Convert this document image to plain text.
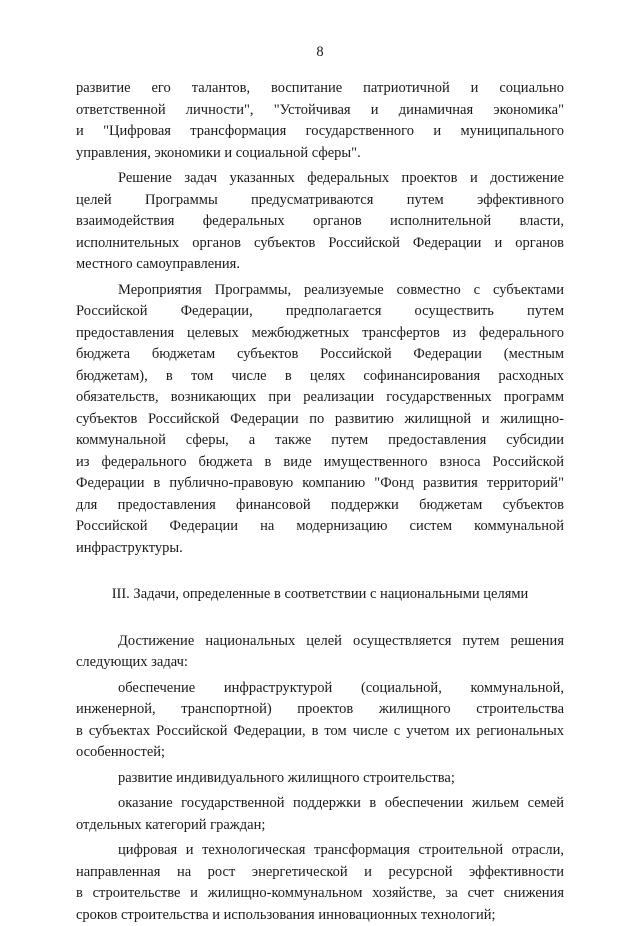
8
развитие его талантов, воспитание патриотичной и социально
ответственной личности", "Устойчивая и динамичная экономика"
и "Цифровая трансформация государственного и муниципального
управления, экономики и социальной сферы".
Решение задач указанных федеральных проектов и достижение
целей Программы предусматриваются путем эффективного
взаимодействия федеральных органов исполнительной власти,
исполнительных органов субъектов Российской Федерации и органов
местного самоуправления.
Мероприятия Программы, реализуемые совместно с субъектами
Российской Федерации, предполагается осуществить путем
предоставления целевых межбюджетных трансфертов из федерального
бюджета бюджетам субъектов Российской Федерации (местным
бюджетам), в том числе в целях софинансирования расходных
обязательств, возникающих при реализации государственных программ
субъектов Российской Федерации по развитию жилищной и жилищно-
коммунальной сферы, а также путем предоставления субсидии
из федерального бюджета в виде имущественного взноса Российской
Федерации в публично-правовую компанию "Фонд развития территорий"
для предоставления финансовой поддержки бюджетам субъектов
Российской Федерации на модернизацию систем коммунальной
инфраструктуры.
III. Задачи, определенные в соответствии с национальными целями
Достижение национальных целей осуществляется путем решения
следующих задач:
обеспечение инфраструктурой (социальной, коммунальной,
инженерной, транспортной) проектов жилищного строительства
в субъектах Российской Федерации, в том числе с учетом их региональных
особенностей;
развитие индивидуального жилищного строительства;
оказание государственной поддержки в обеспечении жильем семей
отдельных категорий граждан;
цифровая и технологическая трансформация строительной отрасли,
направленная на рост энергетической и ресурсной эффективности
в строительстве и жилищно-коммунальном хозяйстве, за счет снижения
сроков строительства и использования инновационных технологий;
